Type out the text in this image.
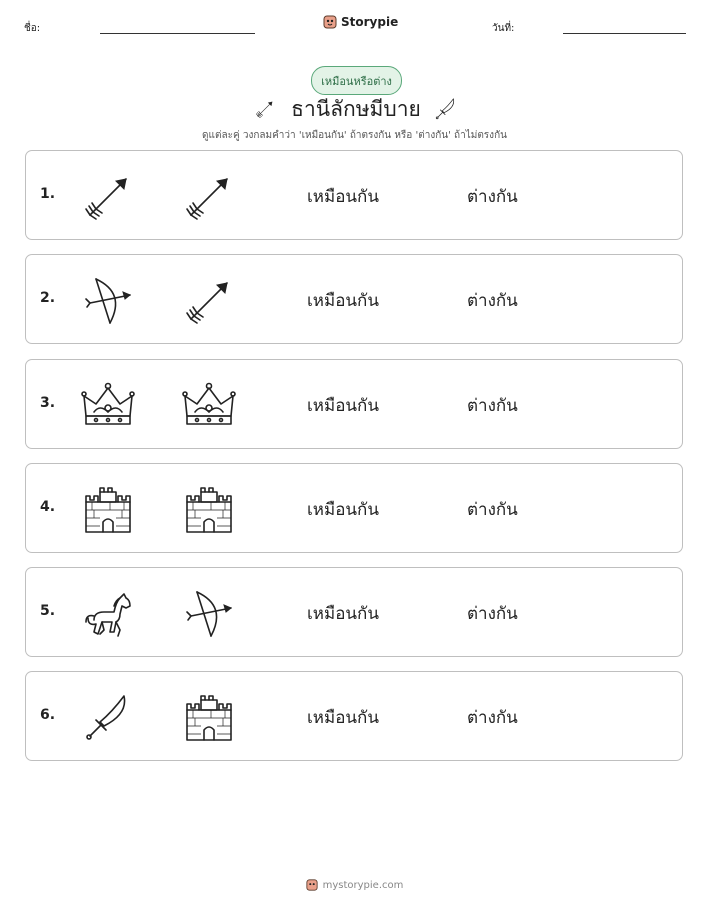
ชื่อ:	Storypie	วันที่:
เหมือนหรือต่าง
ธานีลักษมีบาย
ดูแต่ละคู่ วงกลมคำว่า 'เหมือนกัน' ถ้าตรงกัน หรือ 'ต่างกัน' ถ้าไม่ตรงกัน
1.	เหมือนกัน	ต่างกัน
2.	เหมือนกัน	ต่างกัน
3.	เหมือนกัน	ต่างกัน
4.	เหมือนกัน	ต่างกัน
5.	เหมือนกัน	ต่างกัน
6.	เหมือนกัน	ต่างกัน
mystorypie.com
